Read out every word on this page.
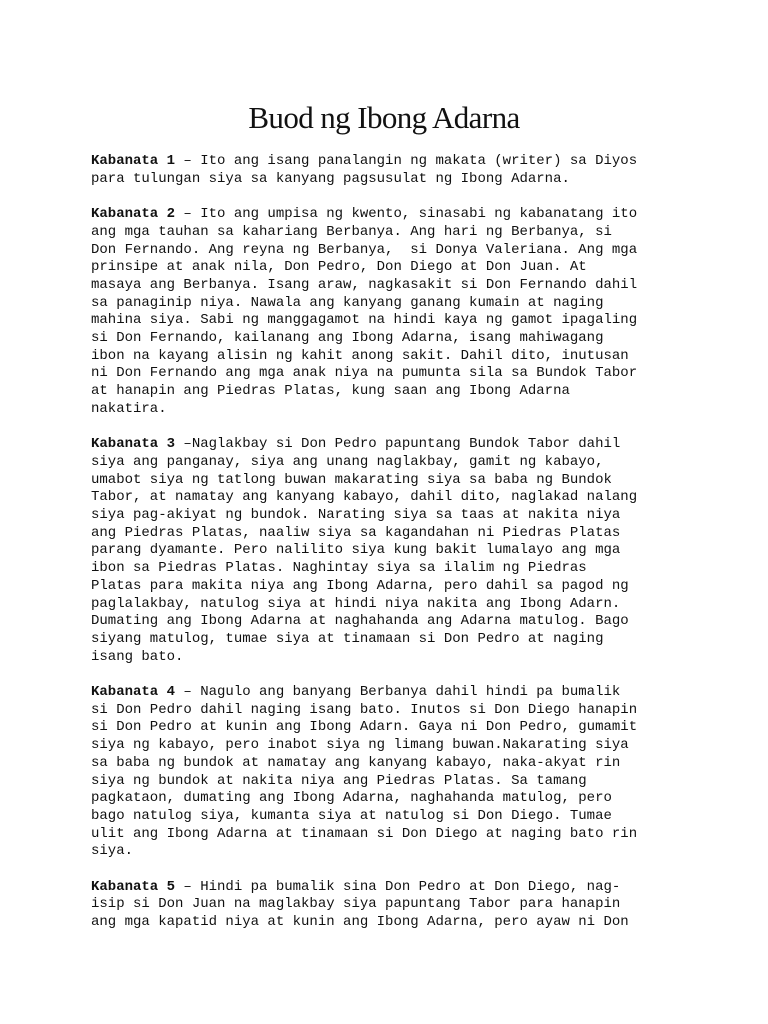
Buod ng Ibong Adarna
Kabanata 1 – Ito ang isang panalangin ng makata (writer) sa Diyos
para tulungan siya sa kanyang pagsusulat ng Ibong Adarna.
Kabanata 2 – Ito ang umpisa ng kwento, sinasabi ng kabanatang ito
ang mga tauhan sa kahariang Berbanya. Ang hari ng Berbanya, si
Don Fernando. Ang reyna ng Berbanya,  si Donya Valeriana. Ang mga
prinsipe at anak nila, Don Pedro, Don Diego at Don Juan. At
masaya ang Berbanya. Isang araw, nagkasakit si Don Fernando dahil
sa panaginip niya. Nawala ang kanyang ganang kumain at naging
mahina siya. Sabi ng manggagamot na hindi kaya ng gamot ipagaling
si Don Fernando, kailanang ang Ibong Adarna, isang mahiwagang
ibon na kayang alisin ng kahit anong sakit. Dahil dito, inutusan
ni Don Fernando ang mga anak niya na pumunta sila sa Bundok Tabor
at hanapin ang Piedras Platas, kung saan ang Ibong Adarna
nakatira.
Kabanata 3 –Naglakbay si Don Pedro papuntang Bundok Tabor dahil
siya ang panganay, siya ang unang naglakbay, gamit ng kabayo,
umabot siya ng tatlong buwan makarating siya sa baba ng Bundok
Tabor, at namatay ang kanyang kabayo, dahil dito, naglakad nalang
siya pag-akiyat ng bundok. Narating siya sa taas at nakita niya
ang Piedras Platas, naaliw siya sa kagandahan ni Piedras Platas
parang dyamante. Pero nalilito siya kung bakit lumalayo ang mga
ibon sa Piedras Platas. Naghintay siya sa ilalim ng Piedras
Platas para makita niya ang Ibong Adarna, pero dahil sa pagod ng
paglalakbay, natulog siya at hindi niya nakita ang Ibong Adarn.
Dumating ang Ibong Adarna at naghahanda ang Adarna matulog. Bago
siyang matulog, tumae siya at tinamaan si Don Pedro at naging
isang bato.
Kabanata 4 – Nagulo ang banyang Berbanya dahil hindi pa bumalik
si Don Pedro dahil naging isang bato. Inutos si Don Diego hanapin
si Don Pedro at kunin ang Ibong Adarn. Gaya ni Don Pedro, gumamit
siya ng kabayo, pero inabot siya ng limang buwan.Nakarating siya
sa baba ng bundok at namatay ang kanyang kabayo, naka-akyat rin
siya ng bundok at nakita niya ang Piedras Platas. Sa tamang
pagkataon, dumating ang Ibong Adarna, naghahanda matulog, pero
bago natulog siya, kumanta siya at natulog si Don Diego. Tumae
ulit ang Ibong Adarna at tinamaan si Don Diego at naging bato rin
siya.
Kabanata 5 – Hindi pa bumalik sina Don Pedro at Don Diego, nag-
isip si Don Juan na maglakbay siya papuntang Tabor para hanapin
ang mga kapatid niya at kunin ang Ibong Adarna, pero ayaw ni Don
